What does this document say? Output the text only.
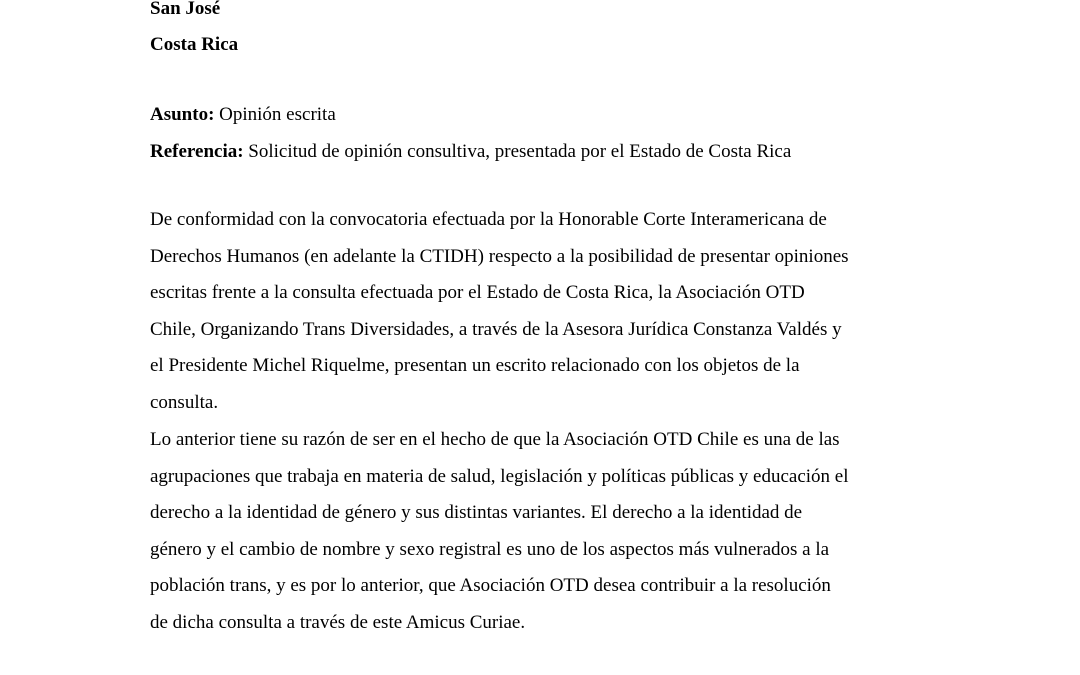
San José

Costa Rica

Asunto: Opinión escrita

Referencia: Solicitud de opinión consultiva, presentada por el Estado de Costa Rica

De conformidad con la convocatoria efectuada por la Honorable Corte Interamericana de
Derechos Humanos (en adelante la CTIDH) respecto a la posibilidad de presentar opiniones
escritas frente a la consulta efectuada por el Estado de Costa Rica, la Asociación OTD
Chile, Organizando Trans Diversidades, a través de la Asesora Jurídica Constanza Valdés y
el Presidente Michel Riquelme, presentan un escrito relacionado con los objetos de la
consulta.
Lo anterior tiene su razón de ser en el hecho de que la Asociación OTD Chile es una de las
agrupaciones que trabaja en materia de salud, legislación y políticas públicas y educación el
derecho a la identidad de género y sus distintas variantes. El derecho a la identidad de
género y el cambio de nombre y sexo registral es uno de los aspectos más vulnerados a la
población trans, y es por lo anterior, que Asociación OTD desea contribuir a la resolución
de dicha consulta a través de este Amicus Curiae.
